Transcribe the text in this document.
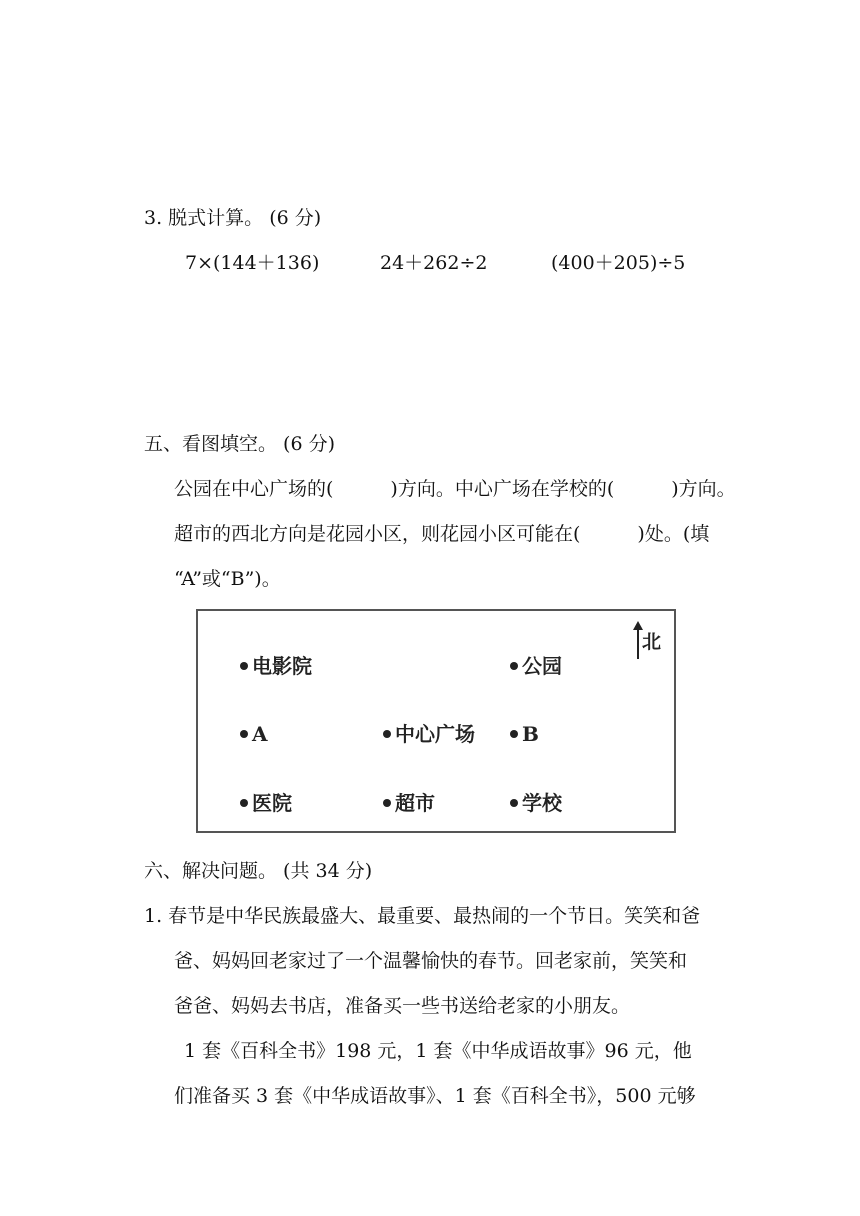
3. 脱式计算。 (6 分)
7×(144＋136)	24＋262÷2	(400＋205)÷5
五、看图填空。 (6 分)
公园在中心广场的(　　　)方向。中心广场在学校的(　　　)方向。
超市的西北方向是花园小区，则花园小区可能在(　　　)处。(填
“A”或“B”)。
北
电影院	公园
A	中心广场	B
医院	超市	学校
六、解决问题。 (共 34 分)
1. 春节是中华民族最盛大、最重要、最热闹的一个节日。笑笑和爸
爸、妈妈回老家过了一个温馨愉快的春节。回老家前，笑笑和
爸爸、妈妈去书店，准备买一些书送给老家的小朋友。
1 套《百科全书》198 元，1 套《中华成语故事》96 元，他
们准备买 3 套《中华成语故事》、1 套《百科全书》，500 元够
